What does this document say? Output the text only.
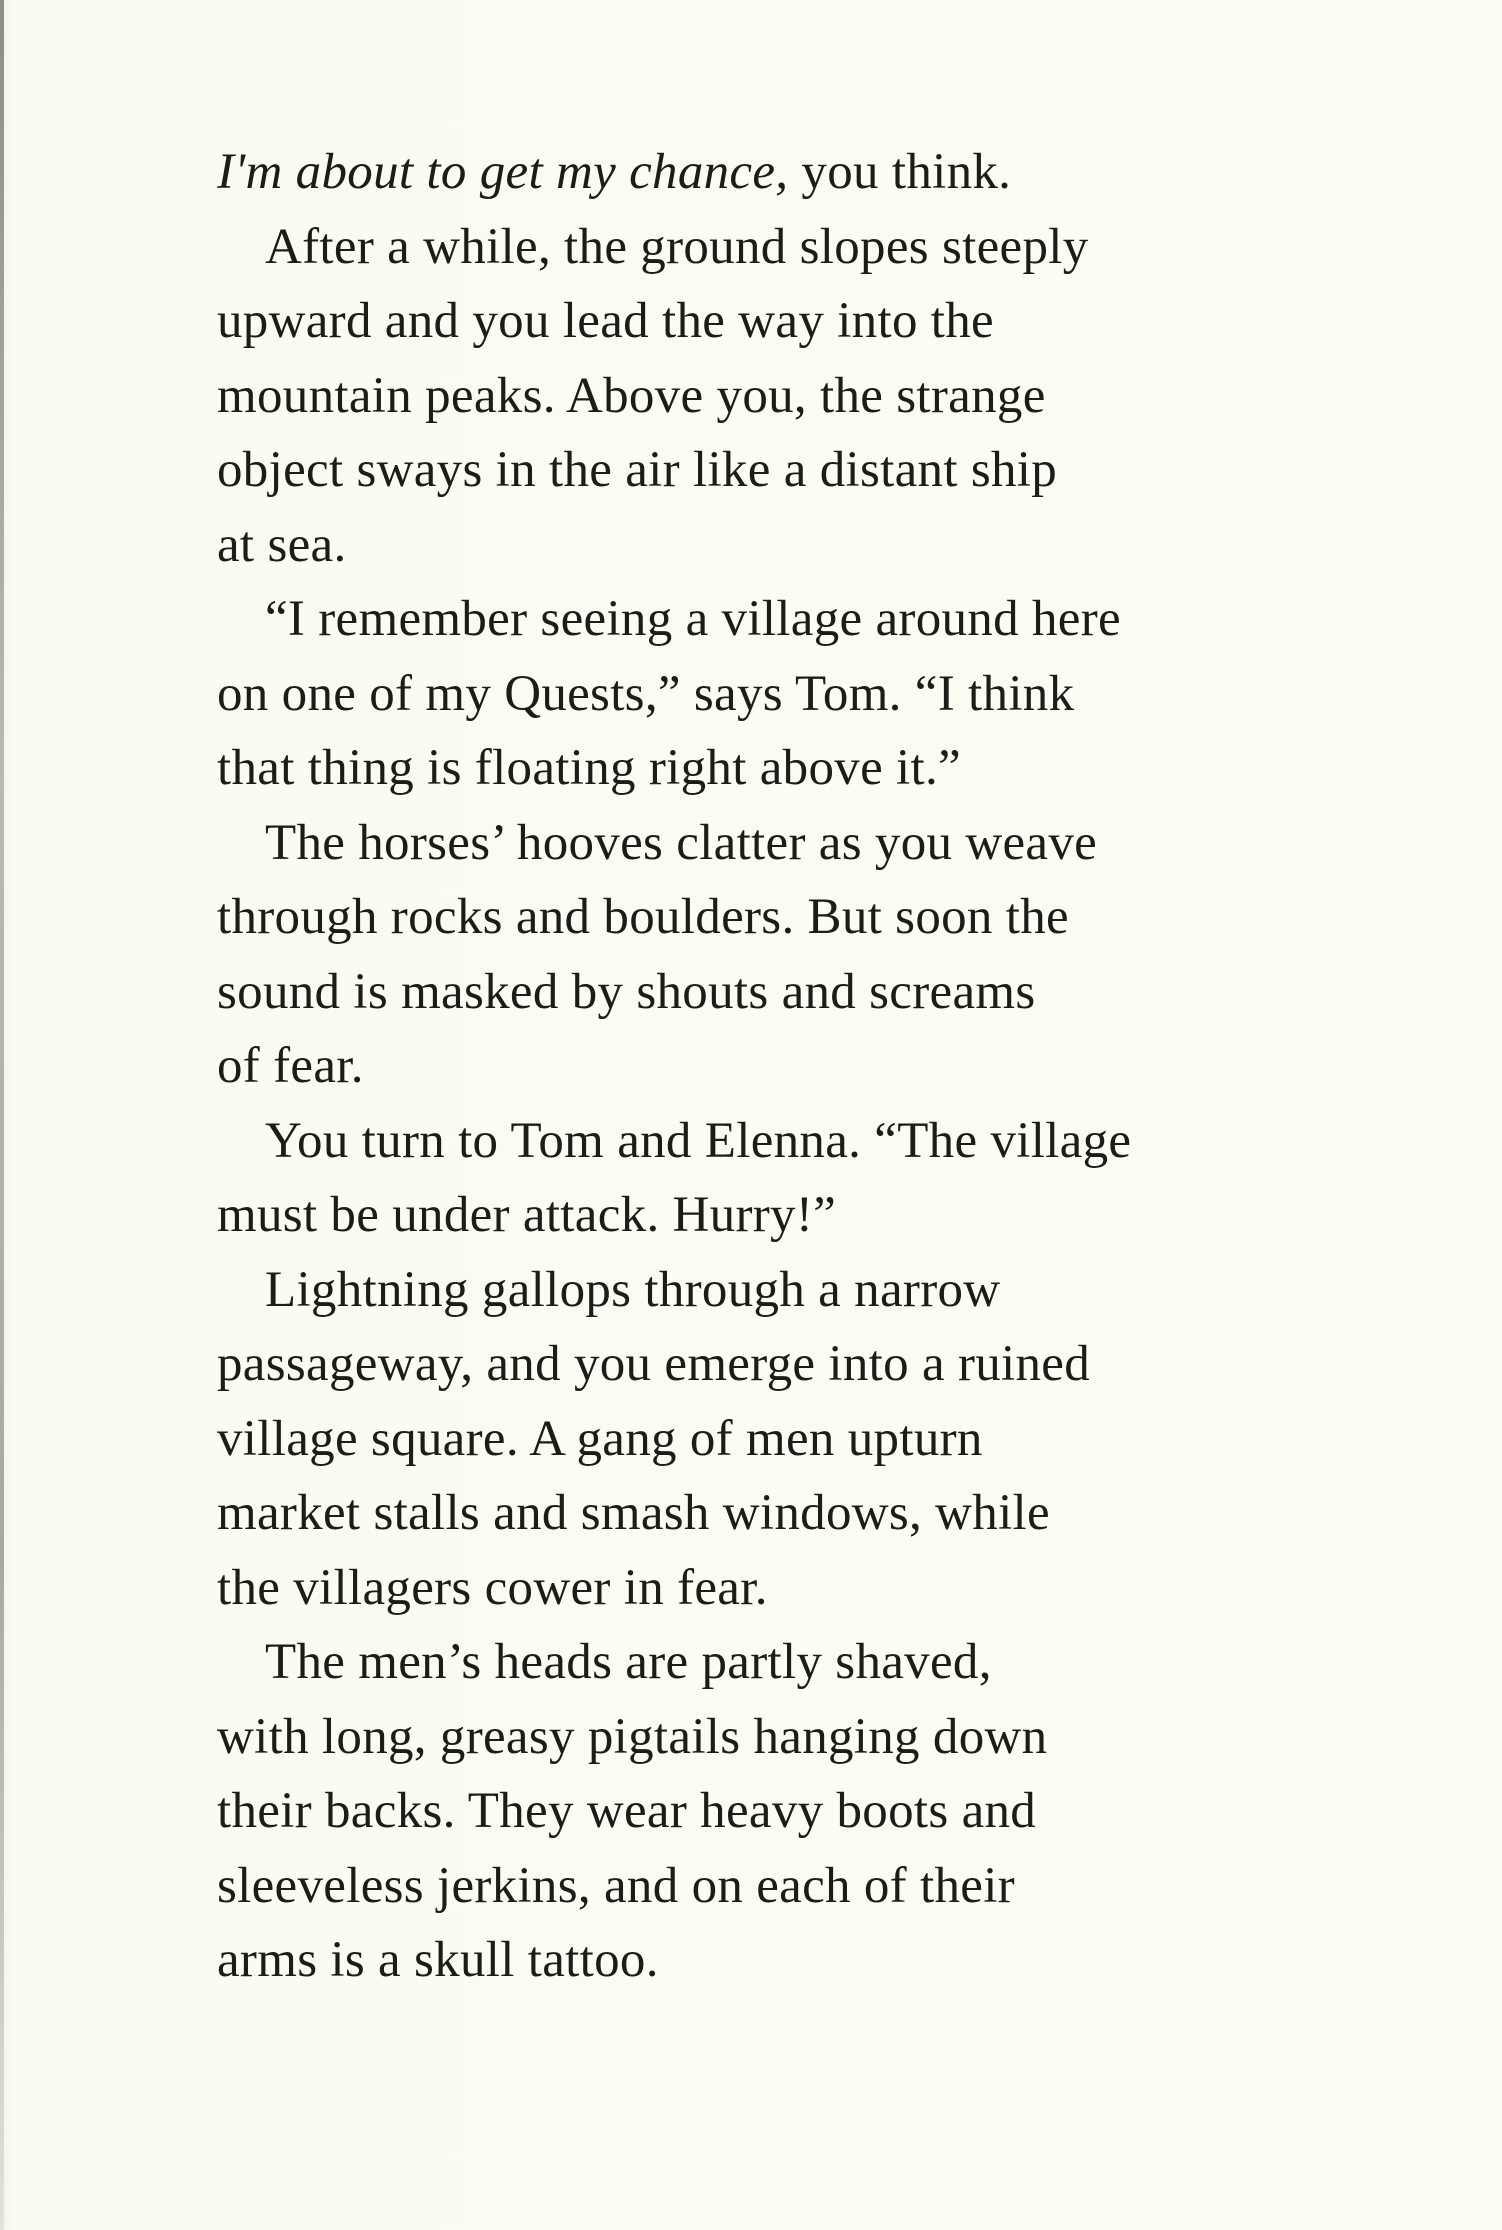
I'm about to get my chance, you think.
After a while, the ground slopes steeply
upward and you lead the way into the
mountain peaks. Above you, the strange
object sways in the air like a distant ship
at sea.
“I remember seeing a village around here
on one of my Quests,” says Tom. “I think
that thing is floating right above it.”
The horses’ hooves clatter as you weave
through rocks and boulders. But soon the
sound is masked by shouts and screams
of fear.
You turn to Tom and Elenna. “The village
must be under attack. Hurry!”
Lightning gallops through a narrow
passageway, and you emerge into a ruined
village square. A gang of men upturn
market stalls and smash windows, while
the villagers cower in fear.
The men’s heads are partly shaved,
with long, greasy pigtails hanging down
their backs. They wear heavy boots and
sleeveless jerkins, and on each of their
arms is a skull tattoo.
